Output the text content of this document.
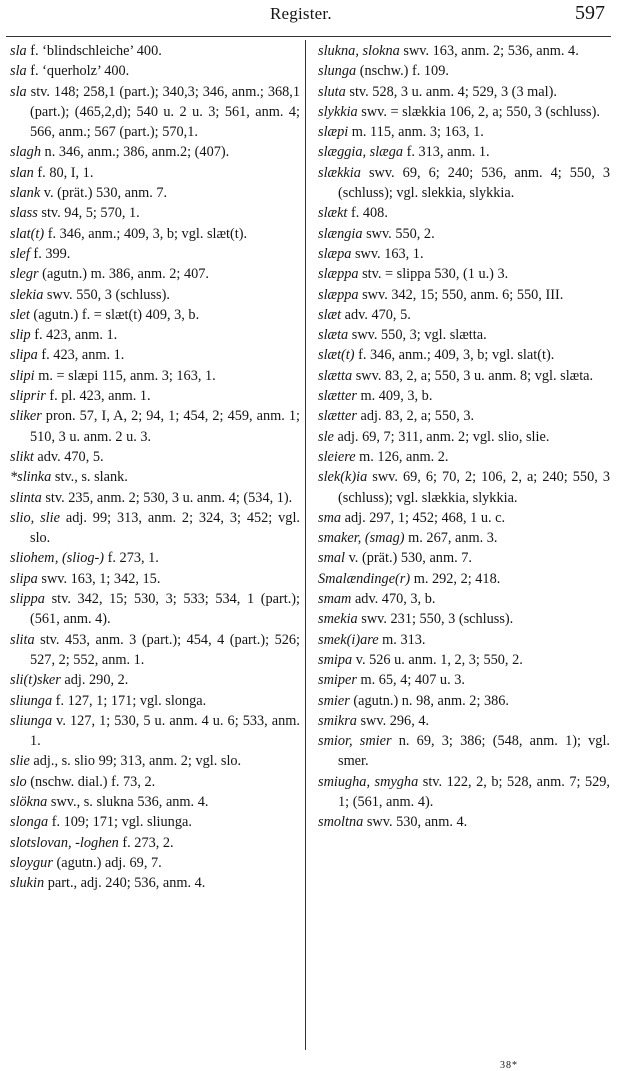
Register.	597
sla f. ‘blindschleiche’ 400.
sla f. ‘querholz’ 400.
sla stv. 148; 258,1 (part.); 340,3; 346, anm.; 368,1 (part.); (465,2,d); 540 u. 2 u. 3; 561, anm. 4; 566, anm.; 567 (part.); 570,1.
slagh n. 346, anm.; 386, anm.2; (407).
slan f. 80, I, 1.
slank v. (prät.) 530, anm. 7.
slass stv. 94, 5; 570, 1.
slat(t) f. 346, anm.; 409, 3, b; vgl. slæt(t).
slef f. 399.
slegr (agutn.) m. 386, anm. 2; 407.
slekia swv. 550, 3 (schluss).
slet (agutn.) f. = slæt(t) 409, 3, b.
slip f. 423, anm. 1.
slipa f. 423, anm. 1.
slipi m. = slæpi 115, anm. 3; 163, 1.
sliprir f. pl. 423, anm. 1.
sliker pron. 57, I, A, 2; 94, 1; 454, 2; 459, anm. 1; 510, 3 u. anm. 2 u. 3.
slikt adv. 470, 5.
*slinka stv., s. slank.
slinta stv. 235, anm. 2; 530, 3 u. anm. 4; (534, 1).
slio, slie adj. 99; 313, anm. 2; 324, 3; 452; vgl. slo.
slioheт, (sliog-) f. 273, 1.
slipa swv. 163, 1; 342, 15.
slippa stv. 342, 15; 530, 3; 533; 534, 1 (part.); (561, anm. 4).
slita stv. 453, anm. 3 (part.); 454, 4 (part.); 526; 527, 2; 552, anm. 1.
sli(t)sker adj. 290, 2.
sliunga f. 127, 1; 171; vgl. slonga.
sliunga v. 127, 1; 530, 5 u. anm. 4 u. 6; 533, anm. 1.
slie adj., s. slio 99; 313, anm. 2; vgl. slo.
slo (nschw. dial.) f. 73, 2.
slökna swv., s. slukna 536, anm. 4.
slonga f. 109; 171; vgl. sliunga.
slotslovan, -loghen f. 273, 2.
sloygur (agutn.) adj. 69, 7.
slukin part., adj. 240; 536, anm. 4.
slukna, slokna swv. 163, anm. 2; 536, anm. 4.
slunga (nschw.) f. 109.
sluta stv. 528, 3 u. anm. 4; 529, 3 (3 mal).
slykkia swv. = slækkia 106, 2, a; 550, 3 (schluss).
slæpi m. 115, anm. 3; 163, 1.
slæggia, slæga f. 313, anm. 1.
slækkia swv. 69, 6; 240; 536, anm. 4; 550, 3 (schluss); vgl. slekkia, slykkia.
slækt f. 408.
slængia swv. 550, 2.
slæpa swv. 163, 1.
slæppa stv. = slippa 530, (1 u.) 3.
slæppa swv. 342, 15; 550, anm. 6; 550, III.
slæt adv. 470, 5.
slæta swv. 550, 3; vgl. slætta.
slæt(t) f. 346, anm.; 409, 3, b; vgl. slat(t).
slætta swv. 83, 2, a; 550, 3 u. anm. 8; vgl. slæta.
slætter m. 409, 3, b.
slætter adj. 83, 2, a; 550, 3.
sle adj. 69, 7; 311, anm. 2; vgl. slio, slie.
sleiere m. 126, anm. 2.
slek(k)ia swv. 69, 6; 70, 2; 106, 2, a; 240; 550, 3 (schluss); vgl. slækkia, slykkia.
sma adj. 297, 1; 452; 468, 1 u. c.
smaker, (smag) m. 267, anm. 3.
smal v. (prät.) 530, anm. 7.
Smalændinge(r) m. 292, 2; 418.
smam adv. 470, 3, b.
smekia swv. 231; 550, 3 (schluss).
smek(i)are m. 313.
smipa v. 526 u. anm. 1, 2, 3; 550, 2.
smiper m. 65, 4; 407 u. 3.
smier (agutn.) n. 98, anm. 2; 386.
smikra swv. 296, 4.
smior, smier n. 69, 3; 386; (548, anm. 1); vgl. smer.
smiugha, smygha stv. 122, 2, b; 528, anm. 7; 529, 1; (561, anm. 4).
smoltna swv. 530, anm. 4.
38*
